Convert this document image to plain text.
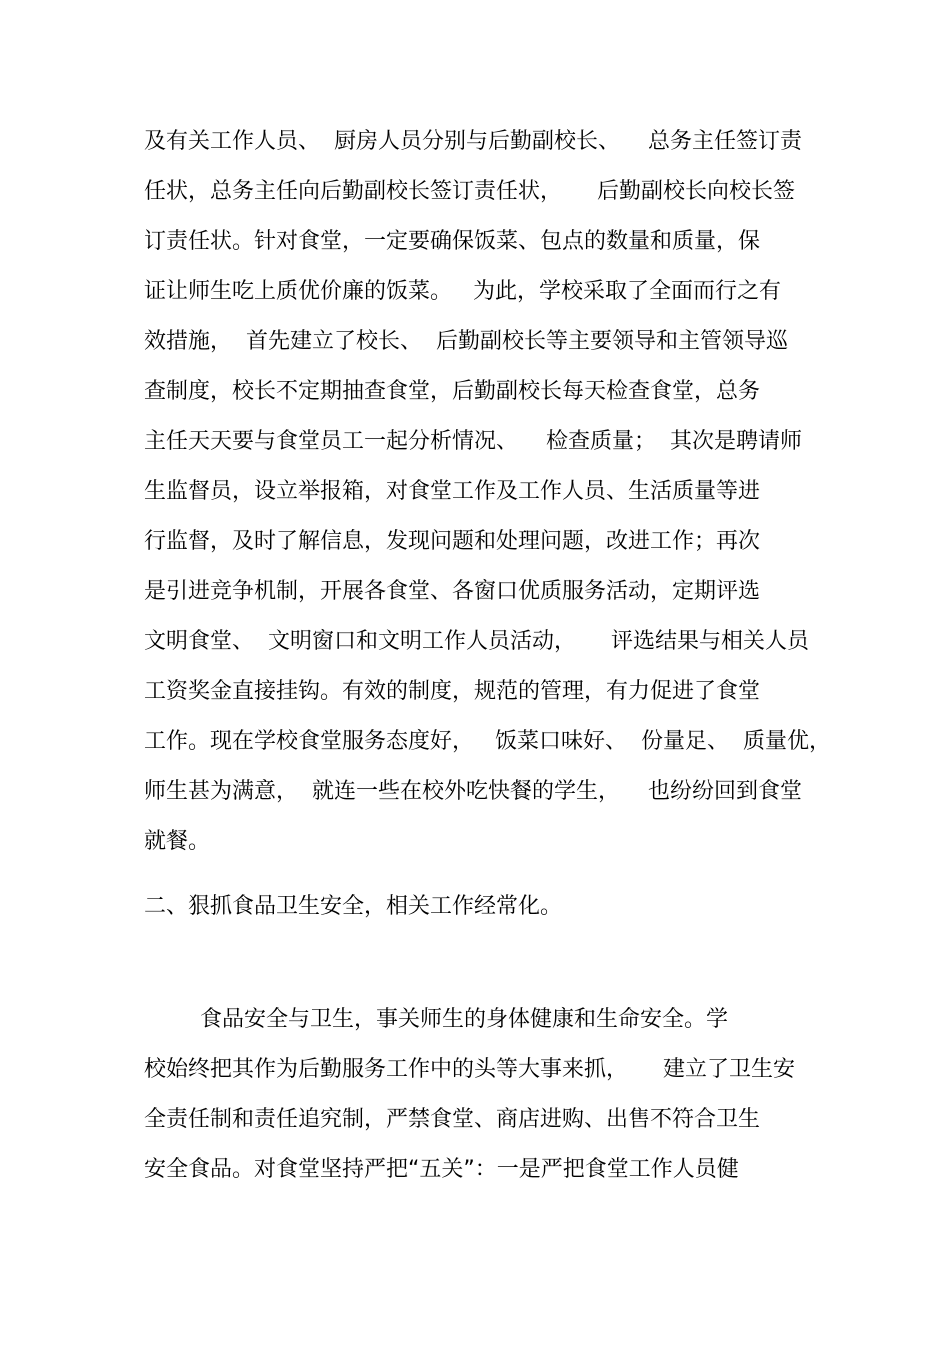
及有关工作人员、  厨房人员分别与后勤副校长、    总务主任签订责
任状，总务主任向后勤副校长签订责任状，     后勤副校长向校长签
订责任状。针对食堂，一定要确保饭菜、包点的数量和质量，保
证让师生吃上质优价廉的饭菜。   为此，学校采取了全面而行之有
效措施，  首先建立了校长、  后勤副校长等主要领导和主管领导巡
查制度，校长不定期抽查食堂，后勤副校长每天检查食堂，总务
主任天天要与食堂员工一起分析情况、    检查质量；  其次是聘请师
生监督员，设立举报箱，对食堂工作及工作人员、生活质量等进
行监督，及时了解信息，发现问题和处理问题，改进工作；再次
是引进竞争机制，开展各食堂、各窗口优质服务活动，定期评选
文明食堂、  文明窗口和文明工作人员活动，     评选结果与相关人员
工资奖金直接挂钩。有效的制度，规范的管理，有力促进了食堂
工作。现在学校食堂服务态度好，   饭菜口味好、  份量足、  质量优，
师生甚为满意，  就连一些在校外吃快餐的学生，    也纷纷回到食堂
就餐。
二、狠抓食品卫生安全，相关工作经常化。
食品安全与卫生，事关师生的身体健康和生命安全。学
校始终把其作为后勤服务工作中的头等大事来抓，     建立了卫生安
全责任制和责任追究制，严禁食堂、商店进购、出售不符合卫生
安全食品。对食堂坚持严把“五关”：一是严把食堂工作人员健
